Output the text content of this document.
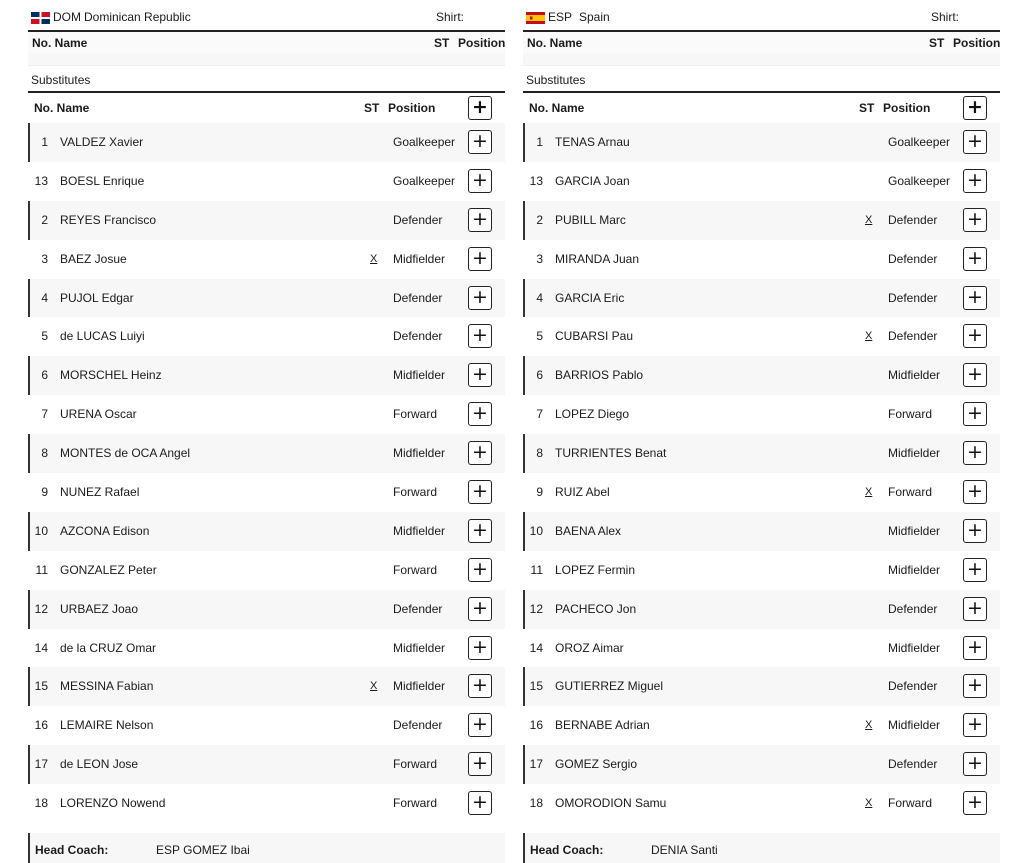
DOM Dominican Republic	Shirt:
No. Name	ST Position
Substitutes
No. Name	ST Position +
1 VALDEZ Xavier	Goalkeeper +
13 BOESL Enrique	Goalkeeper +
2 REYES Francisco	Defender +
3 BAEZ Josue	X Midfielder +
4 PUJOL Edgar	Defender +
5 de LUCAS Luiyi	Defender +
6 MORSCHEL Heinz	Midfielder +
7 URENA Oscar	Forward +
8 MONTES de OCA Angel	Midfielder +
9 NUNEZ Rafael	Forward +
10 AZCONA Edison	Midfielder +
11 GONZALEZ Peter	Forward +
12 URBAEZ Joao	Defender +
14 de la CRUZ Omar	Midfielder +
15 MESSINA Fabian	X Midfielder +
16 LEMAIRE Nelson	Defender +
17 de LEON Jose	Forward +
18 LORENZO Nowend	Forward +
Head Coach:	ESP GOMEZ Ibai
ESP Spain	Shirt:
No. Name	ST Position
Substitutes
No. Name	ST Position +
1 TENAS Arnau	Goalkeeper +
13 GARCIA Joan	Goalkeeper +
2 PUBILL Marc	X Defender +
3 MIRANDA Juan	Defender +
4 GARCIA Eric	Defender +
5 CUBARSI Pau	X Defender +
6 BARRIOS Pablo	Midfielder +
7 LOPEZ Diego	Forward +
8 TURRIENTES Benat	Midfielder +
9 RUIZ Abel	X Forward +
10 BAENA Alex	Midfielder +
11 LOPEZ Fermin	Midfielder +
12 PACHECO Jon	Defender +
14 OROZ Aimar	Midfielder +
15 GUTIERREZ Miguel	Defender +
16 BERNABE Adrian	X Midfielder +
17 GOMEZ Sergio	Defender +
18 OMORODION Samu	X Forward +
Head Coach:	DENIA Santi
